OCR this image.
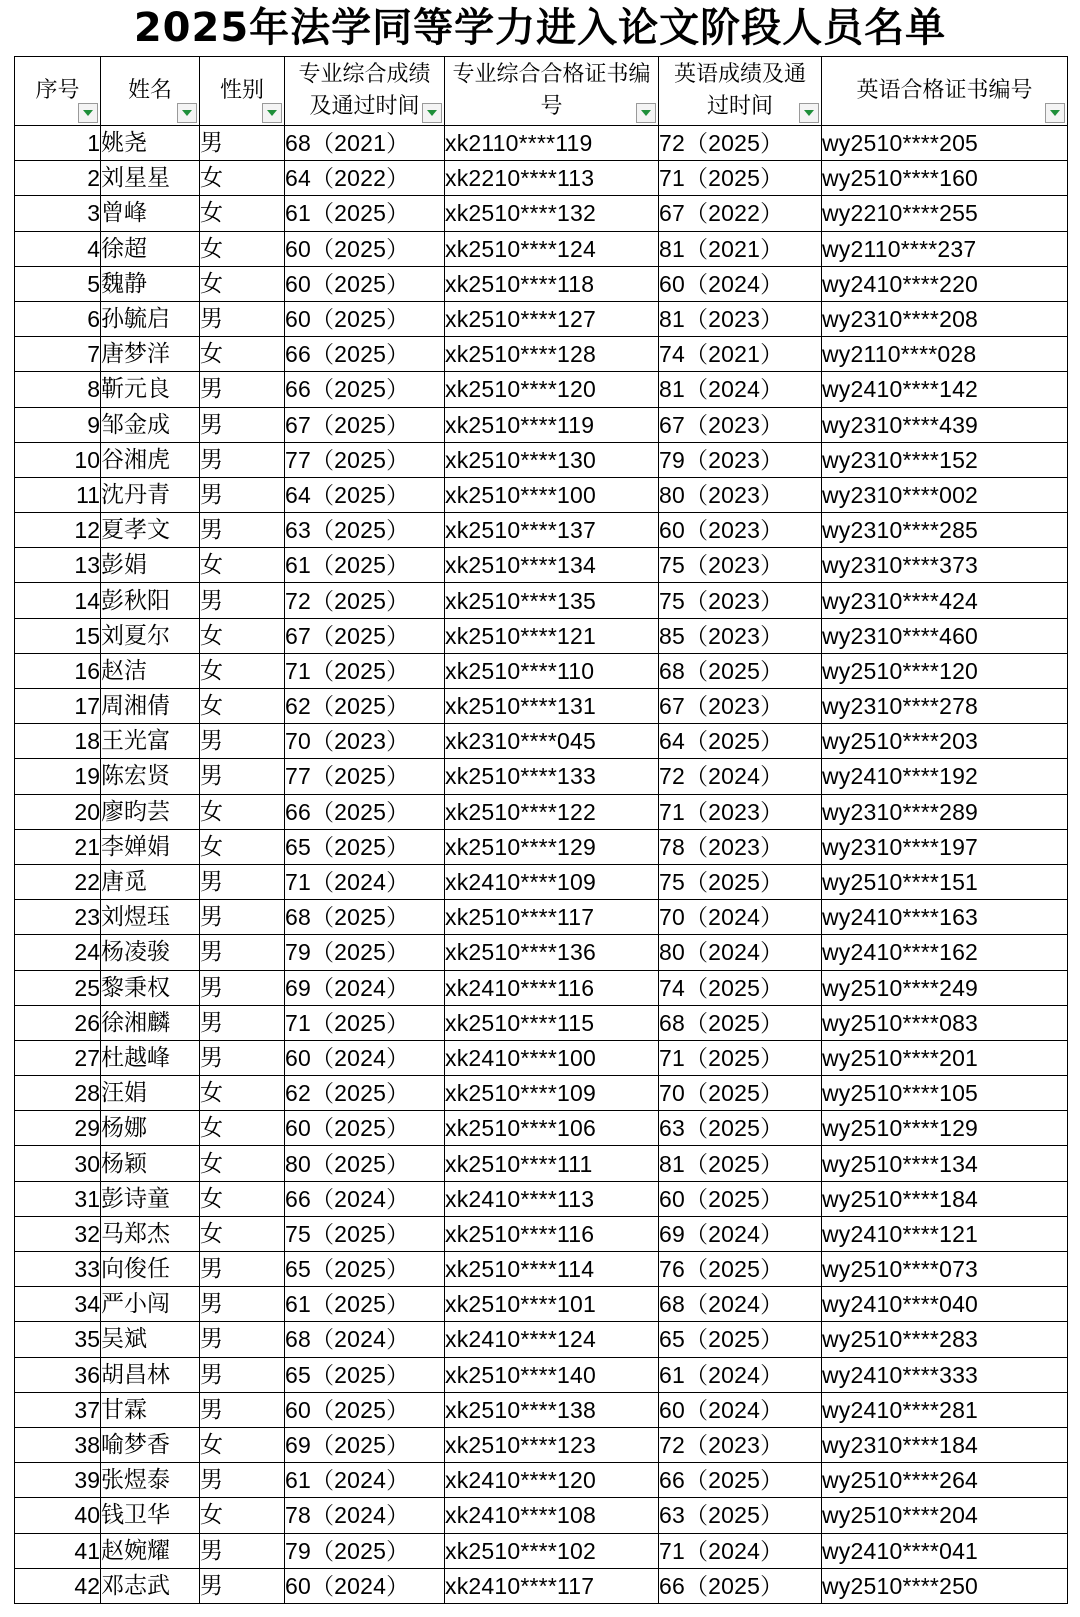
2025年法学同等学力进入论文阶段人员名单
序号	姓名	性别	专业综合成绩及通过时间	专业综合合格证书编号	英语成绩及通过时间	英语合格证书编号

1	姚尧	男	68（2021）	xk2110****119	72（2025）	wy2510****205
2	刘星星	女	64（2022）	xk2210****113	71（2025）	wy2510****160
3	曾峰	女	61（2025）	xk2510****132	67（2022）	wy2210****255
4	徐超	女	60（2025）	xk2510****124	81（2021）	wy2110****237
5	魏静	女	60（2025）	xk2510****118	60（2024）	wy2410****220
6	孙毓启	男	60（2025）	xk2510****127	81（2023）	wy2310****208
7	唐梦洋	女	66（2025）	xk2510****128	74（2021）	wy2110****028
8	靳元良	男	66（2025）	xk2510****120	81（2024）	wy2410****142
9	邹金成	男	67（2025）	xk2510****119	67（2023）	wy2310****439
10	谷湘虎	男	77（2025）	xk2510****130	79（2023）	wy2310****152
11	沈丹青	男	64（2025）	xk2510****100	80（2023）	wy2310****002
12	夏孝文	男	63（2025）	xk2510****137	60（2023）	wy2310****285
13	彭娟	女	61（2025）	xk2510****134	75（2023）	wy2310****373
14	彭秋阳	男	72（2025）	xk2510****135	75（2023）	wy2310****424
15	刘夏尔	女	67（2025）	xk2510****121	85（2023）	wy2310****460
16	赵洁	女	71（2025）	xk2510****110	68（2025）	wy2510****120
17	周湘倩	女	62（2025）	xk2510****131	67（2023）	wy2310****278
18	王光富	男	70（2023）	xk2310****045	64（2025）	wy2510****203
19	陈宏贤	男	77（2025）	xk2510****133	72（2024）	wy2410****192
20	廖昀芸	女	66（2025）	xk2510****122	71（2023）	wy2310****289
21	李婵娟	女	65（2025）	xk2510****129	78（2023）	wy2310****197
22	唐觅	男	71（2024）	xk2410****109	75（2025）	wy2510****151
23	刘煜珏	男	68（2025）	xk2510****117	70（2024）	wy2410****163
24	杨凌骏	男	79（2025）	xk2510****136	80（2024）	wy2410****162
25	黎秉权	男	69（2024）	xk2410****116	74（2025）	wy2510****249
26	徐湘麟	男	71（2025）	xk2510****115	68（2025）	wy2510****083
27	杜越峰	男	60（2024）	xk2410****100	71（2025）	wy2510****201
28	汪娟	女	62（2025）	xk2510****109	70（2025）	wy2510****105
29	杨娜	女	60（2025）	xk2510****106	63（2025）	wy2510****129
30	杨颖	女	80（2025）	xk2510****111	81（2025）	wy2510****134
31	彭诗童	女	66（2024）	xk2410****113	60（2025）	wy2510****184
32	马郑杰	女	75（2025）	xk2510****116	69（2024）	wy2410****121
33	向俊任	男	65（2025）	xk2510****114	76（2025）	wy2510****073
34	严小闯	男	61（2025）	xk2510****101	68（2024）	wy2410****040
35	吴斌	男	68（2024）	xk2410****124	65（2025）	wy2510****283
36	胡昌林	男	65（2025）	xk2510****140	61（2024）	wy2410****333
37	甘霖	男	60（2025）	xk2510****138	60（2024）	wy2410****281
38	喻梦香	女	69（2025）	xk2510****123	72（2023）	wy2310****184
39	张煜泰	男	61（2024）	xk2410****120	66（2025）	wy2510****264
40	钱卫华	女	78（2024）	xk2410****108	63（2025）	wy2510****204
41	赵婉耀	男	79（2025）	xk2510****102	71（2024）	wy2410****041
42	邓志武	男	60（2024）	xk2410****117	66（2025）	wy2510****250
